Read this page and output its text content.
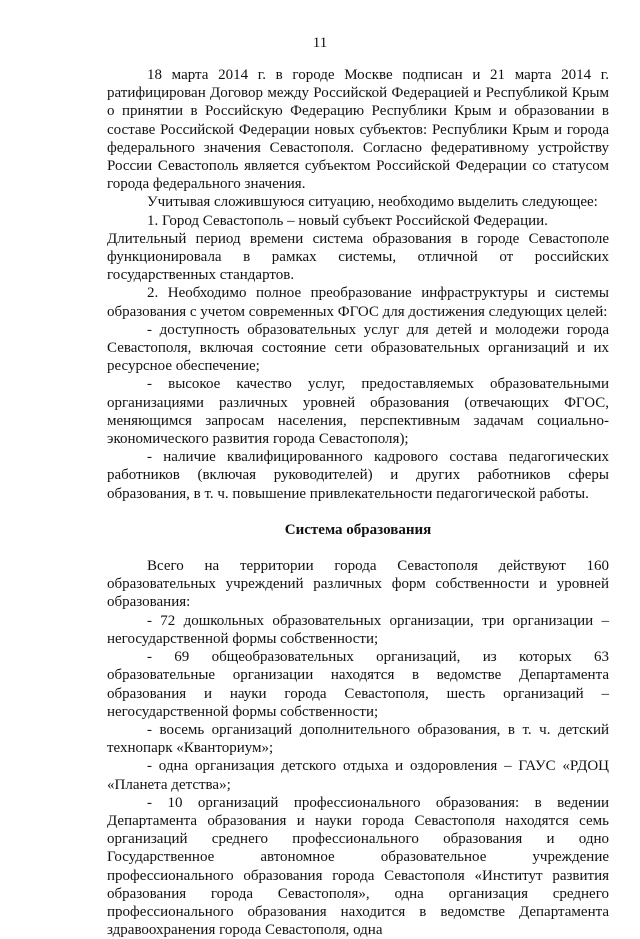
11

18 марта 2014 г. в городе Москве подписан и 21 марта 2014 г. ратифицирован Договор между Российской Федерацией и Республикой Крым о принятии в Российскую Федерацию Республики Крым и образовании в составе Российской Федерации новых субъектов: Республики Крым и города федерального значения Севастополя. Согласно федеративному устройству России Севастополь является субъектом Российской Федерации со статусом города федерального значения.

Учитывая сложившуюся ситуацию, необходимо выделить следующее:

1. Город Севастополь – новый субъект Российской Федерации.

Длительный период времени система образования в городе Севастополе функционировала в рамках системы, отличной от российских государственных стандартов.

2. Необходимо полное преобразование инфраструктуры и системы образования с учетом современных ФГОС для достижения следующих целей:

- доступность образовательных услуг для детей и молодежи города Севастополя, включая состояние сети образовательных организаций и их ресурсное обеспечение;

- высокое качество услуг, предоставляемых образовательными организациями различных уровней образования (отвечающих ФГОС, меняющимся запросам населения, перспективным задачам социально-экономического развития города Севастополя);

- наличие квалифицированного кадрового состава педагогических работников (включая руководителей) и других работников сферы образования, в т. ч. повышение привлекательности педагогической работы.

Система образования

Всего на территории города Севастополя действуют 160 образовательных учреждений различных форм собственности и уровней образования:

- 72 дошкольных образовательных организации, три организации – негосударственной формы собственности;

- 69 общеобразовательных организаций, из которых 63 образовательные организации находятся в ведомстве Департамента образования и науки города Севастополя, шесть организаций – негосударственной формы собственности;

- восемь организаций дополнительного образования, в т. ч. детский технопарк «Кванториум»;

- одна организация детского отдыха и оздоровления – ГАУС «РДОЦ «Планета детства»;

- 10 организаций профессионального образования: в ведении Департамента образования и науки города Севастополя находятся семь организаций среднего профессионального образования и одно Государственное автономное образовательное учреждение профессионального образования города Севастополя «Институт развития образования города Севастополя», одна организация среднего профессионального образования находится в ведомстве Департамента здравоохранения города Севастополя, одна
